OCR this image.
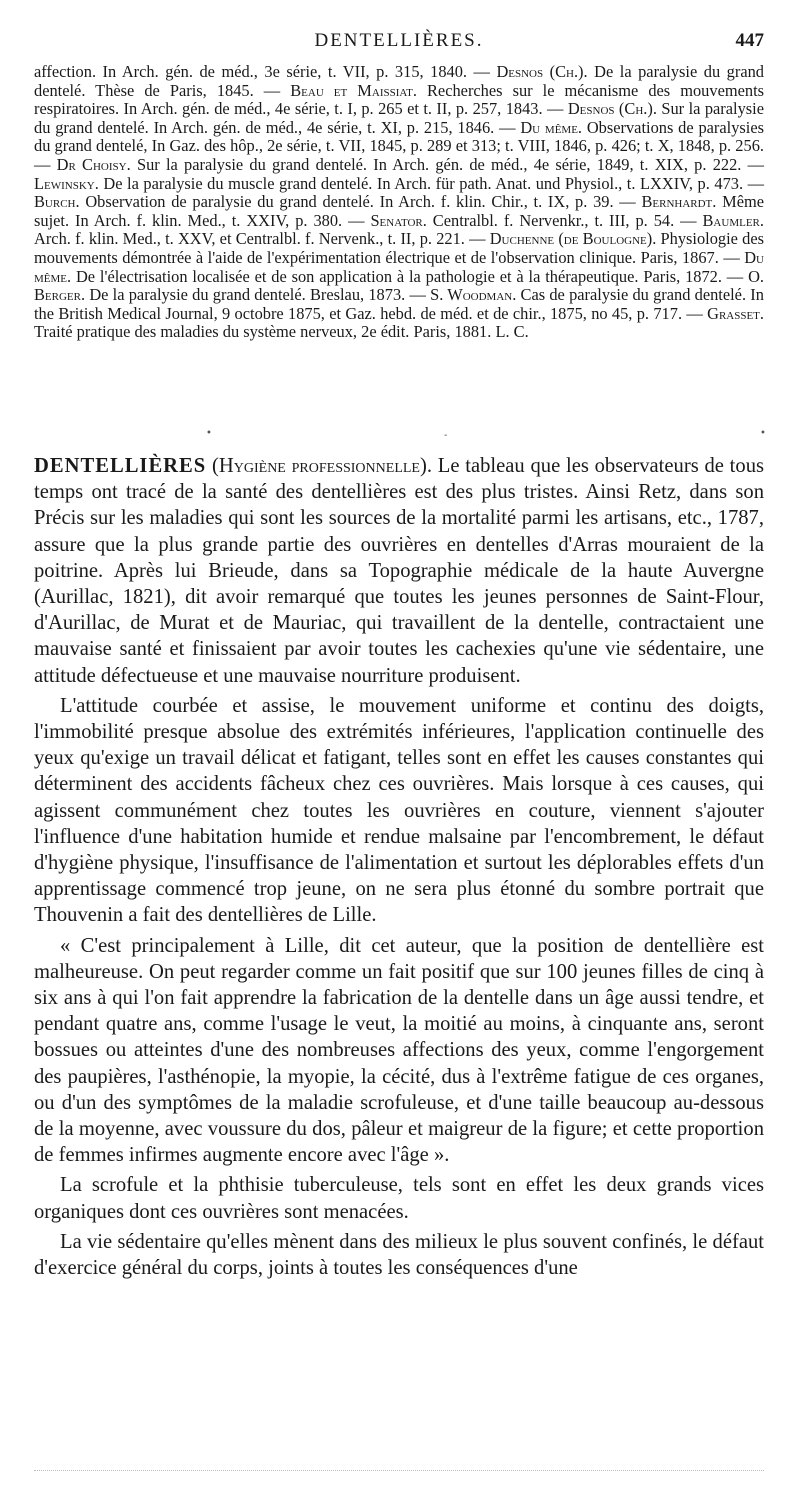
DENTELLIÈRES.	447

affection. In Arch. gén. de méd., 3e série, t. VII, p. 315, 1840. — Desnos (Ch.). De la paralysie du grand dentelé. Thèse de Paris, 1845. — Beau et Maissiat. Recherches sur le mécanisme des mouvements respiratoires. In Arch. gén. de méd., 4e série, t. I, p. 265 et t. II, p. 257, 1843. — Desnos (Ch.). Sur la paralysie du grand dentelé. In Arch. gén. de méd., 4e série, t. XI, p. 215, 1846. — Du même. Observations de paralysies du grand dentelé, In Gaz. des hôp., 2e série, t. VII, 1845, p. 289 et 313; t. VIII, 1846, p. 426; t. X, 1848, p. 256. — Dr Choisy. Sur la paralysie du grand dentelé. In Arch. gén. de méd., 4e série, 1849, t. XIX, p. 222. — Lewinsky. De la paralysie du muscle grand dentelé. In Arch. für path. Anat. und Physiol., t. LXXIV, p. 473. — Burch. Observation de paralysie du grand dentelé. In Arch. f. klin. Chir., t. IX, p. 39. — Bernhardt. Même sujet. In Arch. f. klin. Med., t. XXIV, p. 380. — Senator. Centralbl. f. Nervenkr., t. III, p. 54. — Baumler. Arch. f. klin. Med., t. XXV, et Centralbl. f. Nervenk., t. II, p. 221. — Duchenne (de Boulogne). Physiologie des mouvements démontrée à l'aide de l'expérimentation électrique et de l'observation clinique. Paris, 1867. — Du même. De l'électrisation localisée et de son application à la pathologie et à la thérapeutique. Paris, 1872. — O. Berger. De la paralysie du grand dentelé. Breslau, 1873. — S. Woodman. Cas de paralysie du grand dentelé. In the British Medical Journal, 9 octobre 1875, et Gaz. hebd. de méd. et de chir., 1875, no 45, p. 717. — Grasset. Traité pratique des maladies du système nerveux, 2e édit. Paris, 1881. L. C.

•	-	•

DENTELLIÈRES (Hygiène professionnelle). Le tableau que les observateurs de tous temps ont tracé de la santé des dentellières est des plus tristes. Ainsi Retz, dans son Précis sur les maladies qui sont les sources de la mortalité parmi les artisans, etc., 1787, assure que la plus grande partie des ouvrières en dentelles d'Arras mouraient de la poitrine. Après lui Brieude, dans sa Topographie médicale de la haute Auvergne (Aurillac, 1821), dit avoir remarqué que toutes les jeunes personnes de Saint-Flour, d'Aurillac, de Murat et de Mauriac, qui travaillent de la dentelle, contractaient une mauvaise santé et finissaient par avoir toutes les cachexies qu'une vie sédentaire, une attitude défectueuse et une mauvaise nourriture produisent.

L'attitude courbée et assise, le mouvement uniforme et continu des doigts, l'immobilité presque absolue des extrémités inférieures, l'application continuelle des yeux qu'exige un travail délicat et fatigant, telles sont en effet les causes constantes qui déterminent des accidents fâcheux chez ces ouvrières. Mais lorsque à ces causes, qui agissent communément chez toutes les ouvrières en couture, viennent s'ajouter l'influence d'une habitation humide et rendue malsaine par l'encombrement, le défaut d'hygiène physique, l'insuffisance de l'alimentation et surtout les déplorables effets d'un apprentissage commencé trop jeune, on ne sera plus étonné du sombre portrait que Thouvenin a fait des dentellières de Lille.

« C'est principalement à Lille, dit cet auteur, que la position de dentellière est malheureuse. On peut regarder comme un fait positif que sur 100 jeunes filles de cinq à six ans à qui l'on fait apprendre la fabrication de la dentelle dans un âge aussi tendre, et pendant quatre ans, comme l'usage le veut, la moitié au moins, à cinquante ans, seront bossues ou atteintes d'une des nombreuses affections des yeux, comme l'engorgement des paupières, l'asthénopie, la myopie, la cécité, dus à l'extrême fatigue de ces organes, ou d'un des symptômes de la maladie scrofuleuse, et d'une taille beaucoup au-dessous de la moyenne, avec voussure du dos, pâleur et maigreur de la figure; et cette proportion de femmes infirmes augmente encore avec l'âge ».

La scrofule et la phthisie tuberculeuse, tels sont en effet les deux grands vices organiques dont ces ouvrières sont menacées.

La vie sédentaire qu'elles mènent dans des milieux le plus souvent confinés, le défaut d'exercice général du corps, joints à toutes les conséquences d'une
